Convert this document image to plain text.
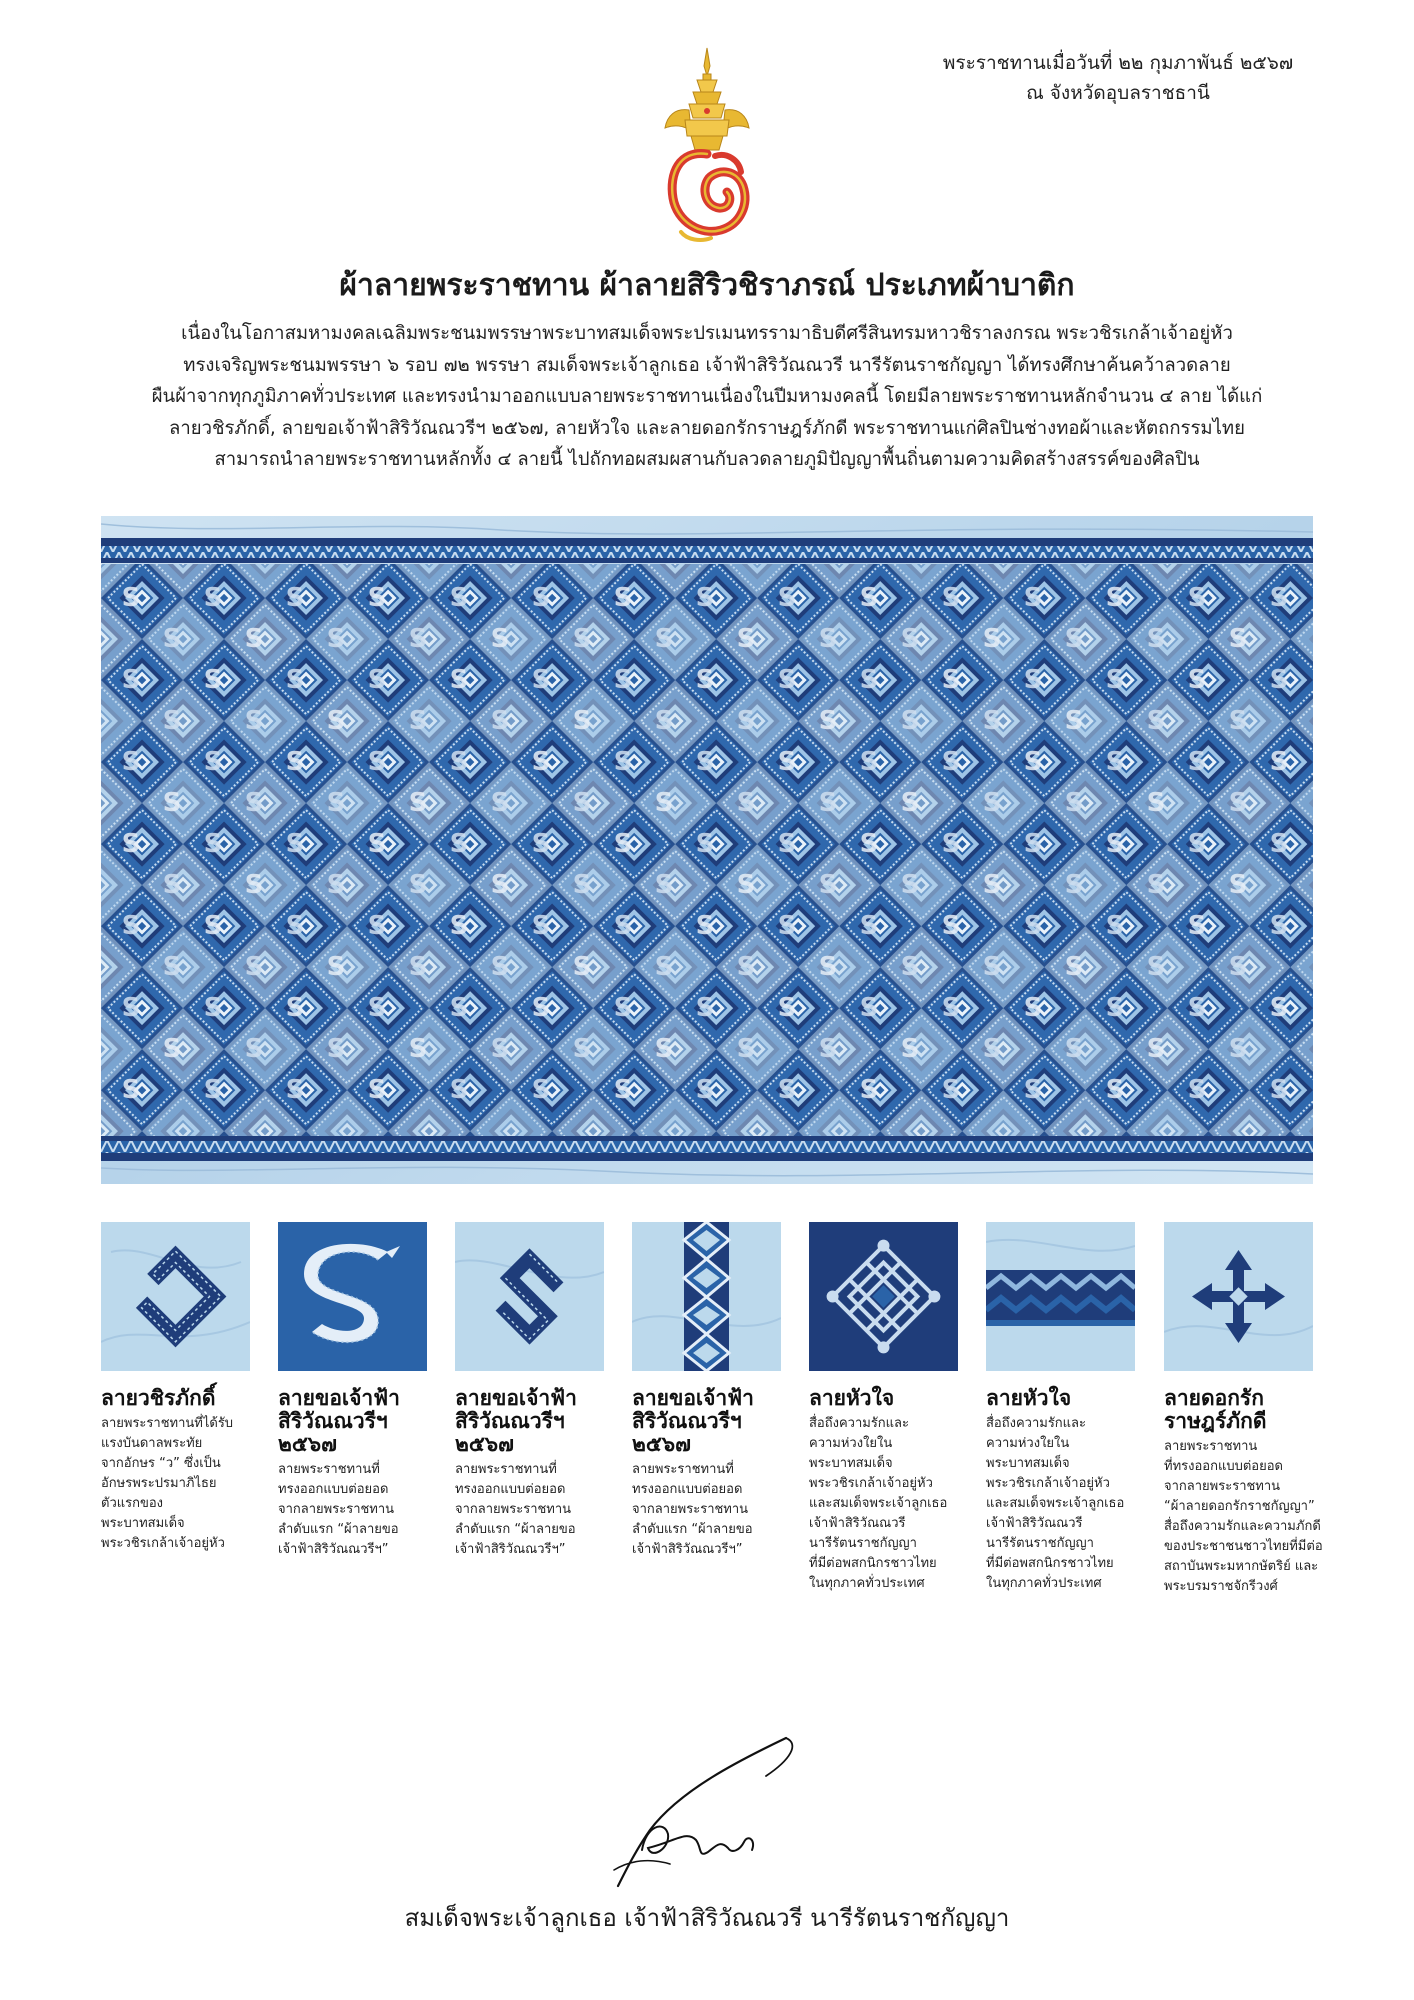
พระราชทานเมื่อวันที่ ๒๒ กุมภาพันธ์ ๒๕๖๗
ณ จังหวัดอุบลราชธานี
ผ้าลายพระราชทาน ผ้าลายสิริวชิราภรณ์ ประเภทผ้าบาติก
เนื่องในโอกาสมหามงคลเฉลิมพระชนมพรรษาพระบาทสมเด็จพระปรเมนทรรามาธิบดีศรีสินทรมหาวชิราลงกรณ พระวชิรเกล้าเจ้าอยู่หัว
ทรงเจริญพระชนมพรรษา ๖ รอบ ๗๒ พรรษา สมเด็จพระเจ้าลูกเธอ เจ้าฟ้าสิริวัณณวรี นารีรัตนราชกัญญา ได้ทรงศึกษาค้นคว้าลวดลาย
ผืนผ้าจากทุกภูมิภาคทั่วประเทศ และทรงนำมาออกแบบลายพระราชทานเนื่องในปีมหามงคลนี้ โดยมีลายพระราชทานหลักจำนวน ๔ ลาย ได้แก่
ลายวชิรภักดิ์, ลายขอเจ้าฟ้าสิริวัณณวรีฯ ๒๕๖๗, ลายหัวใจ และลายดอกรักราษฎร์ภักดี พระราชทานแก่ศิลปินช่างทอผ้าและหัตถกรรมไทย
สามารถนำลายพระราชทานหลักทั้ง ๔ ลายนี้ ไปถักทอผสมผสานกับลวดลายภูมิปัญญาพื้นถิ่นตามความคิดสร้างสรรค์ของศิลปิน
S S S S S S S S S S S S S S S
S S S S S S S S S S S S S S
S S S S S S S S S S S S S S S
S S S S S S S S S S S S S S
S S S S S S S S S S S S S S S
S S S S S S S S S S S S S S
S S S S S S S S S S S S S S S
S S S S S S S S S S S S S S
S S S S S S S S S S S S S S S
S S S S S S S S S S S S S S
S S S S S S S S S S S S S S S
S S S S S S S S S S S S S S
S S S S S S S S S S S S S S S
ลายวชิรภักดิ์
ลายพระราชทานที่ได้รับ
แรงบันดาลพระทัย
จากอักษร “ว” ซึ่งเป็น
อักษรพระปรมาภิไธย
ตัวแรกของ
พระบาทสมเด็จ
พระวชิรเกล้าเจ้าอยู่หัว
ลายขอเจ้าฟ้า
สิริวัณณวรีฯ
๒๕๖๗
ลายพระราชทานที่
ทรงออกแบบต่อยอด
จากลายพระราชทาน
ลำดับแรก “ผ้าลายขอ
เจ้าฟ้าสิริวัณณวรีฯ”
ลายขอเจ้าฟ้า
สิริวัณณวรีฯ
๒๕๖๗
ลายพระราชทานที่
ทรงออกแบบต่อยอด
จากลายพระราชทาน
ลำดับแรก “ผ้าลายขอ
เจ้าฟ้าสิริวัณณวรีฯ”
ลายขอเจ้าฟ้า
สิริวัณณวรีฯ
๒๕๖๗
ลายพระราชทานที่
ทรงออกแบบต่อยอด
จากลายพระราชทาน
ลำดับแรก “ผ้าลายขอ
เจ้าฟ้าสิริวัณณวรีฯ”
ลายหัวใจ
สื่อถึงความรักและ
ความห่วงใยใน
พระบาทสมเด็จ
พระวชิรเกล้าเจ้าอยู่หัว
และสมเด็จพระเจ้าลูกเธอ
เจ้าฟ้าสิริวัณณวรี
นารีรัตนราชกัญญา
ที่มีต่อพสกนิกรชาวไทย
ในทุกภาคทั่วประเทศ
ลายหัวใจ
สื่อถึงความรักและ
ความห่วงใยใน
พระบาทสมเด็จ
พระวชิรเกล้าเจ้าอยู่หัว
และสมเด็จพระเจ้าลูกเธอ
เจ้าฟ้าสิริวัณณวรี
นารีรัตนราชกัญญา
ที่มีต่อพสกนิกรชาวไทย
ในทุกภาคทั่วประเทศ
ลายดอกรัก
ราษฎร์ภักดี
ลายพระราชทาน
ที่ทรงออกแบบต่อยอด
จากลายพระราชทาน
“ผ้าลายดอกรักราชกัญญา”
สื่อถึงความรักและความภักดี
ของประชาชนชาวไทยที่มีต่อ
สถาบันพระมหากษัตริย์ และ
พระบรมราชจักรีวงศ์
สมเด็จพระเจ้าลูกเธอ เจ้าฟ้าสิริวัณณวรี นารีรัตนราชกัญญา
